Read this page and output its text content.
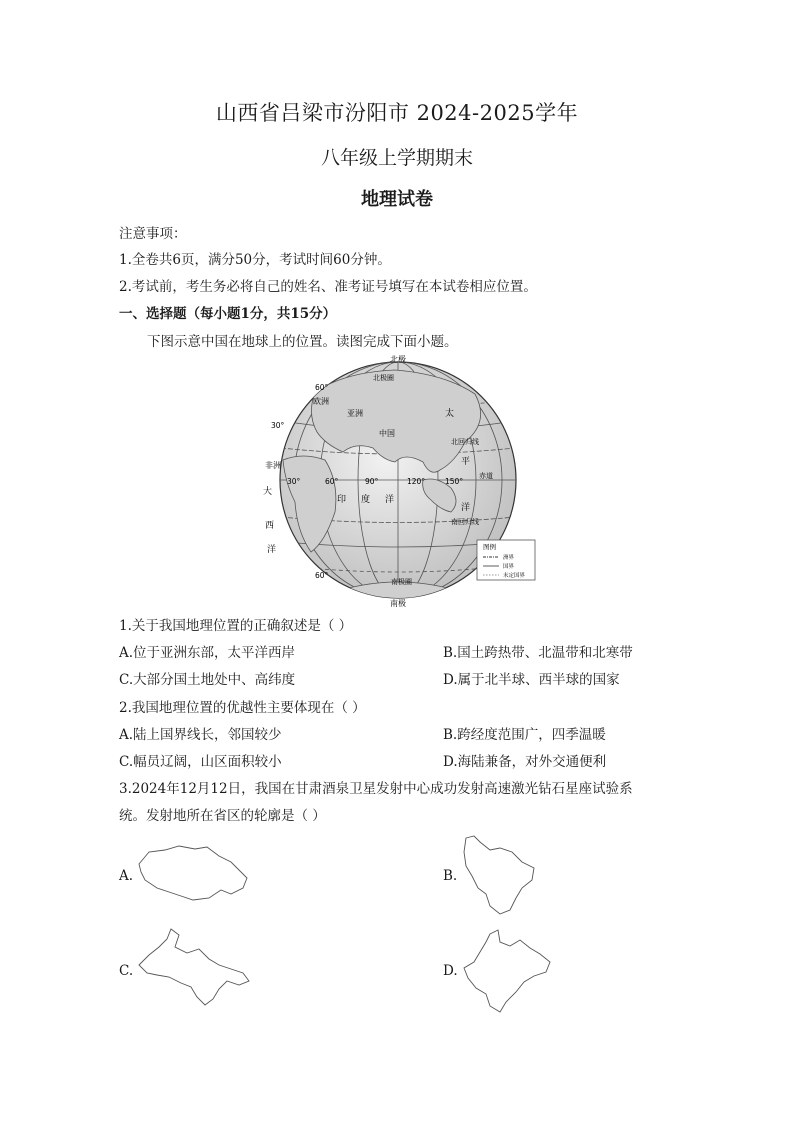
山西省吕梁市汾阳市 2024-2025学年
八年级上学期期末
地理试卷
注意事项：
1.全卷共6页，满分50分，考试时间60分钟。
2.考试前，考生务必将自己的姓名、准考证号填写在本试卷相应位置。
一、选择题（每小题1分，共15分）
下图示意中国在地球上的位置。读图完成下面小题。
北极
南极
北极圈
南极圈
北回归线
赤道
南回归线
欧洲
亚洲
中国
非洲
60°
30°
30°	60°	90°	120°	150°
60°
太
平
洋
印 度 洋
大
西
洋	图例
洲界
国界
未定国界
1.关于我国地理位置的正确叙述是（ ）
A.位于亚洲东部，太平洋西岸	B.国土跨热带、北温带和北寒带
C.大部分国土地处中、高纬度	D.属于北半球、西半球的国家
2.我国地理位置的优越性主要体现在（ ）
A.陆上国界线长，邻国较少	B.跨经度范围广，四季温暖
C.幅员辽阔，山区面积较小	D.海陆兼备，对外交通便利
3.2024年12月12日，我国在甘肃酒泉卫星发射中心成功发射高速激光钻石星座试验系
统。发射地所在省区的轮廓是（ ）
A.	B.
C.	D.
